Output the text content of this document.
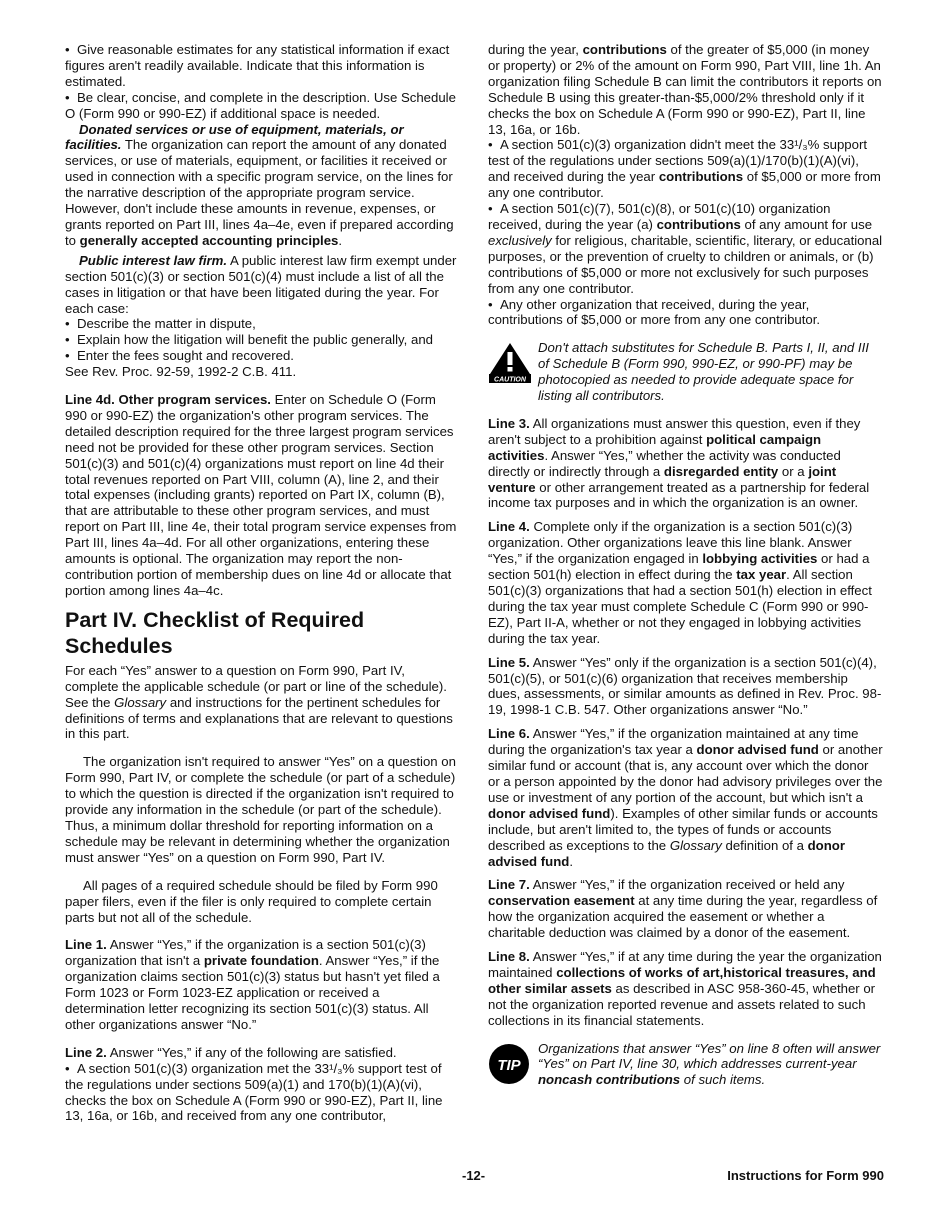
•  Give reasonable estimates for any statistical information if exact figures aren't readily available. Indicate that this information is estimated.

•  Be clear, concise, and complete in the description. Use Schedule O (Form 990 or 990-EZ) if additional space is needed.

Donated services or use of equipment, materials, or facilities. The organization can report the amount of any donated services, or use of materials, equipment, or facilities it received or used in connection with a specific program service, on the lines for the narrative description of the appropriate program service. However, don't include these amounts in revenue, expenses, or grants reported on Part III, lines 4a–4e, even if prepared according to generally accepted accounting principles.

Public interest law firm. A public interest law firm exempt under section 501(c)(3) or section 501(c)(4) must include a list of all the cases in litigation or that have been litigated during the year. For each case:

•  Describe the matter in dispute,

•  Explain how the litigation will benefit the public generally, and

•  Enter the fees sought and recovered.

See Rev. Proc. 92-59, 1992-2 C.B. 411.

Line 4d. Other program services. Enter on Schedule O (Form 990 or 990-EZ) the organization's other program services. The detailed description required for the three largest program services need not be provided for these other program services. Section 501(c)(3) and 501(c)(4) organizations must report on line 4d their total revenues reported on Part VIII, column (A), line 2, and their total expenses (including grants) reported on Part IX, column (B), that are attributable to these other program services, and must report on Part III, line 4e, their total program service expenses from Part III, lines 4a–4d. For all other organizations, entering these amounts is optional. The organization may report the non-contribution portion of membership dues on line 4d or allocate that portion among lines 4a–4c.

Part IV. Checklist of Required Schedules

For each “Yes” answer to a question on Form 990, Part IV, complete the applicable schedule (or part or line of the schedule). See the Glossary and instructions for the pertinent schedules for definitions of terms and explanations that are relevant to questions in this part.

The organization isn't required to answer “Yes” on a question on Form 990, Part IV, or complete the schedule (or part of a schedule) to which the question is directed if the organization isn't required to provide any information in the schedule (or part of the schedule). Thus, a minimum dollar threshold for reporting information on a schedule may be relevant in determining whether the organization must answer “Yes” on a question on Form 990, Part IV.

All pages of a required schedule should be filed by Form 990 paper filers, even if the filer is only required to complete certain parts but not all of the schedule.

Line 1. Answer “Yes,” if the organization is a section 501(c)(3) organization that isn't a private foundation. Answer “Yes,” if the organization claims section 501(c)(3) status but hasn't yet filed a Form 1023 or Form 1023-EZ application or received a determination letter recognizing its section 501(c)(3) status. All other organizations answer “No.”

Line 2. Answer “Yes,” if any of the following are satisfied.

•  A section 501(c)(3) organization met the 33¹/₃% support test of the regulations under sections 509(a)(1) and 170(b)(1)(A)(vi), checks the box on Schedule A (Form 990 or 990-EZ), Part II, line 13, 16a, or 16b, and received from any one contributor,

during the year, contributions of the greater of $5,000 (in money or property) or 2% of the amount on Form 990, Part VIII, line 1h. An organization filing Schedule B can limit the contributors it reports on Schedule B using this greater-than-$5,000/2% threshold only if it checks the box on Schedule A (Form 990 or 990-EZ), Part II, line 13, 16a, or 16b.

•  A section 501(c)(3) organization didn't meet the 33¹/₃% support test of the regulations under sections 509(a)(1)/170(b)(1)(A)(vi), and received during the year contributions of $5,000 or more from any one contributor.

•  A section 501(c)(7), 501(c)(8), or 501(c)(10) organization received, during the year (a) contributions of any amount for use exclusively for religious, charitable, scientific, literary, or educational purposes, or the prevention of cruelty to children or animals, or (b) contributions of $5,000 or more not exclusively for such purposes from any one contributor.

•  Any other organization that received, during the year, contributions of $5,000 or more from any one contributor.

CAUTION
Don't attach substitutes for Schedule B. Parts I, II, and III of Schedule B (Form 990, 990-EZ, or 990-PF) may be photocopied as needed to provide adequate space for listing all contributors.

Line 3. All organizations must answer this question, even if they aren't subject to a prohibition against political campaign activities. Answer “Yes,” whether the activity was conducted directly or indirectly through a disregarded entity or a joint venture or other arrangement treated as a partnership for federal income tax purposes and in which the organization is an owner.

Line 4. Complete only if the organization is a section 501(c)(3) organization. Other organizations leave this line blank. Answer “Yes,” if the organization engaged in lobbying activities or had a section 501(h) election in effect during the tax year. All section 501(c)(3) organizations that had a section 501(h) election in effect during the tax year must complete Schedule C (Form 990 or 990-EZ), Part II-A, whether or not they engaged in lobbying activities during the tax year.

Line 5. Answer “Yes” only if the organization is a section 501(c)(4), 501(c)(5), or 501(c)(6) organization that receives membership dues, assessments, or similar amounts as defined in Rev. Proc. 98-19, 1998-1 C.B. 547. Other organizations answer “No.”

Line 6. Answer “Yes,” if the organization maintained at any time during the organization's tax year a donor advised fund or another similar fund or account (that is, any account over which the donor or a person appointed by the donor had advisory privileges over the use or investment of any portion of the account, but which isn't a donor advised fund). Examples of other similar funds or accounts include, but aren't limited to, the types of funds or accounts described as exceptions to the Glossary definition of a donor advised fund.

Line 7. Answer “Yes,” if the organization received or held any conservation easement at any time during the year, regardless of how the organization acquired the easement or whether a charitable deduction was claimed by a donor of the easement.

Line 8. Answer “Yes,” if at any time during the year the organization maintained collections of works of art,historical treasures, and other similar assets as described in ASC 958-360-45, whether or not the organization reported revenue and assets related to such collections in its financial statements.

TIP
Organizations that answer “Yes” on line 8 often will answer “Yes” on Part IV, line 30, which addresses current-year noncash contributions of such items.
-12-	Instructions for Form 990
